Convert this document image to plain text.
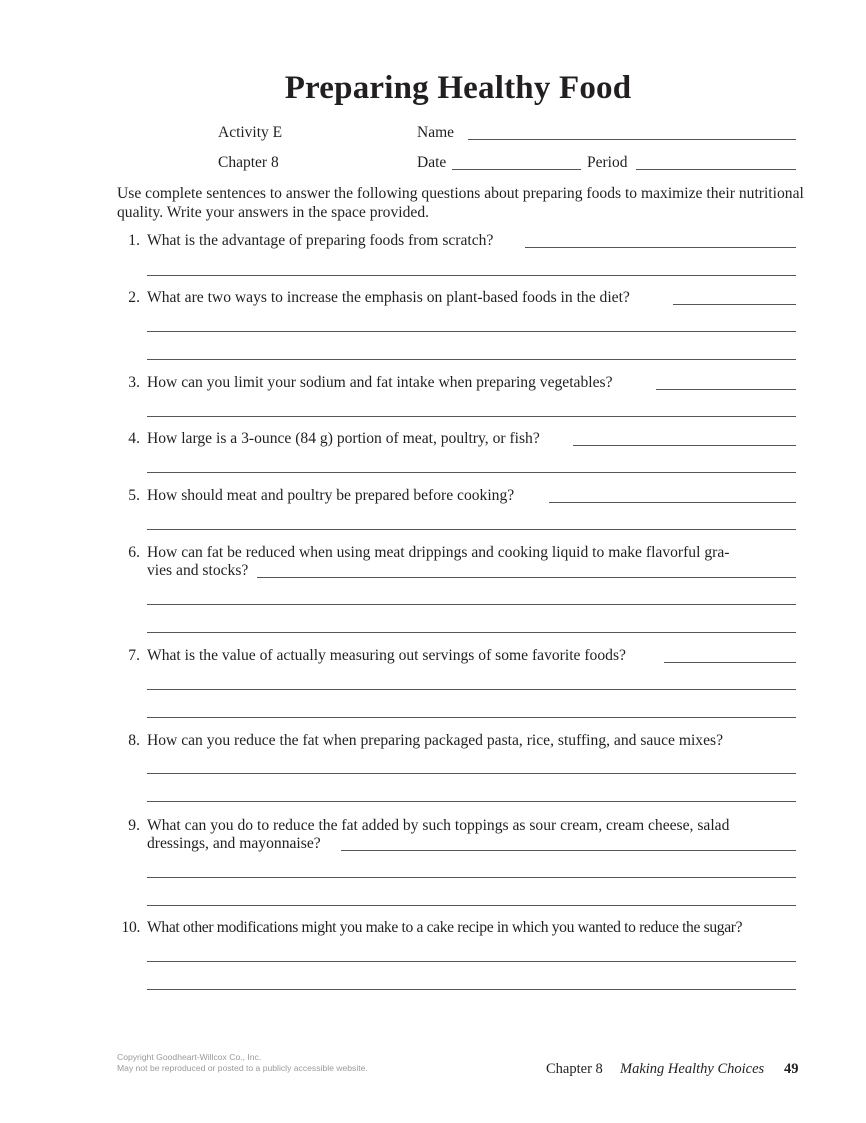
Preparing Healthy Food
Activity E
Chapter 8
Name
Date	Period
Use complete sentences to answer the following questions about preparing foods to maximize their nutritional quality. Write your answers in the space provided.
1. What is the advantage of preparing foods from scratch?
2. What are two ways to increase the emphasis on plant-based foods in the diet?
3. How can you limit your sodium and fat intake when preparing vegetables?
4. How large is a 3-ounce (84 g) portion of meat, poultry, or fish?
5. How should meat and poultry be prepared before cooking?
6. How can fat be reduced when using meat drippings and cooking liquid to make flavorful gra-
vies and stocks?
7. What is the value of actually measuring out servings of some favorite foods?
8. How can you reduce the fat when preparing packaged pasta, rice, stuffing, and sauce mixes?
9. What can you do to reduce the fat added by such toppings as sour cream, cream cheese, salad
dressings, and mayonnaise?
10. What other modifications might you make to a cake recipe in which you wanted to reduce the sugar?
Copyright Goodheart-Willcox Co., Inc.
May not be reproduced or posted to a publicly accessible website.	Chapter 8 Making Healthy Choices 49
